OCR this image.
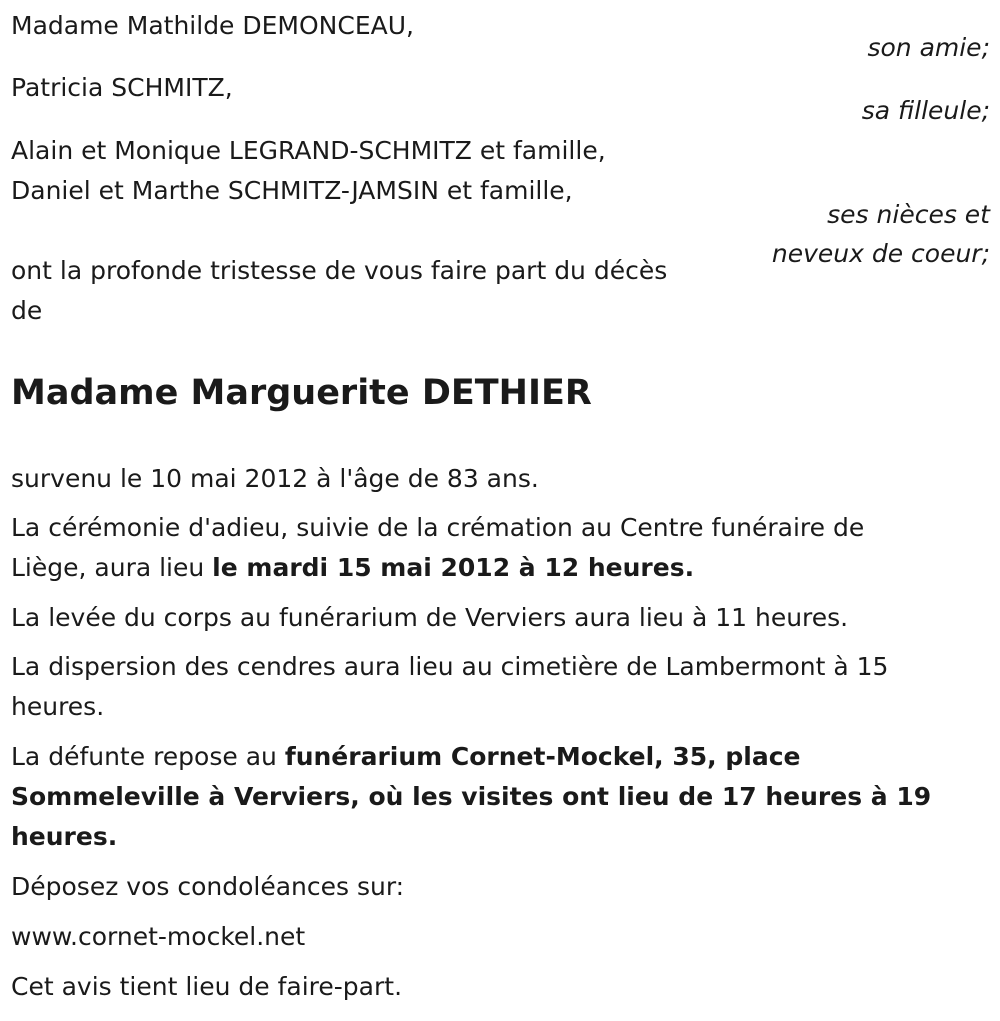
Madame Mathilde DEMONCEAU,
son amie;
Patricia SCHMITZ,
sa filleule;
Alain et Monique LEGRAND-SCHMITZ et famille,
Daniel et Marthe SCHMITZ-JAMSIN et famille,
ses nièces et
neveux de coeur;
ont la profonde tristesse de vous faire part du décès
de
Madame Marguerite DETHIER
survenu le 10 mai 2012 à l'âge de 83 ans.
La cérémonie d'adieu, suivie de la crémation au Centre funéraire de
Liège, aura lieu le mardi 15 mai 2012 à 12 heures.
La levée du corps au funérarium de Verviers aura lieu à 11 heures.
La dispersion des cendres aura lieu au cimetière de Lambermont à 15
heures.
La défunte repose au funérarium Cornet-Mockel, 35, place
Sommeleville à Verviers, où les visites ont lieu de 17 heures à 19
heures.
Déposez vos condoléances sur:
www.cornet-mockel.net
Cet avis tient lieu de faire-part.
